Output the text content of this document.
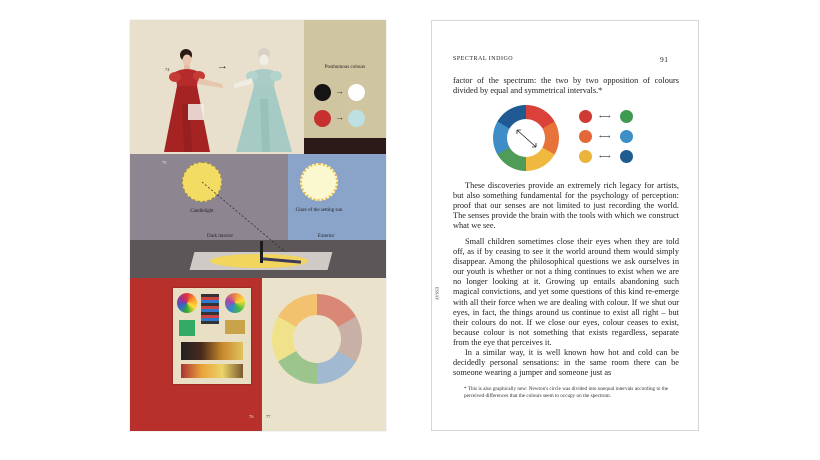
74	→	Posthumous colours
→
→
75
Candlelight	Glare of the setting sun
Dark interior	Exterior
76	77
SPECTRAL INDIGO	91
factor of the spectrum: the two by two opposition of colours divided by equal and symmetrical intervals.*
⟷
⟷
⟷

These discoveries provide an extremely rich legacy for artists, but also something fundamental for the psychology of perception: proof that our senses are not limited to just recording the world. The senses provide the brain with the tools with which we construct what we see.

Small children sometimes close their eyes when they are told off, as if by ceasing to see it the world around them would simply disappear. Among the philosophical questions we ask ourselves in our youth is whether or not a thing continues to exist when we are no longer looking at it. Growing up entails abandoning such magical convictions, and yet some questions of this kind re-emerge with all their force when we are dealing with colour. If we shut our eyes, in fact, the things around us continue to exist all right – but their colours do not. If we close our eyes, colour ceases to exist, because colour is not something that exists regardless, separate from the eye that perceives it.

In a similar way, it is well known how hot and cold can be decidedly personal sensations: in the same room there can be someone wearing a jumper and someone just as

* This is also graphically new: Newton's circle was divided into unequal intervals according to the perceived differences that the colours seem to occupy on the spectrum.
ESSAY
